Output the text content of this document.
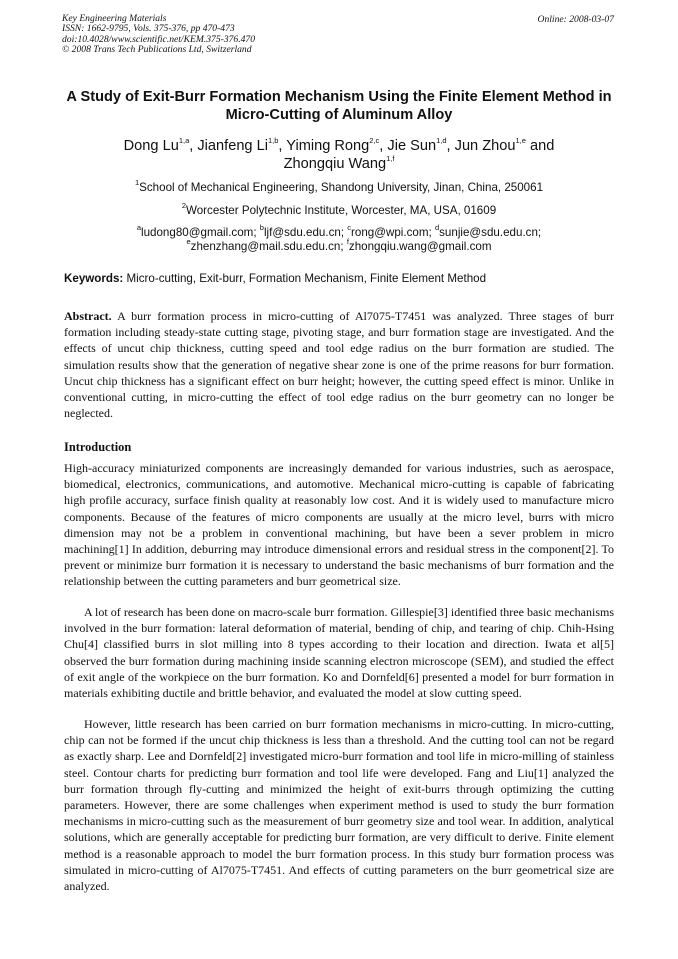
Key Engineering Materials
ISSN: 1662-9795, Vols. 375-376, pp 470-473
doi:10.4028/www.scientific.net/KEM.375-376.470
© 2008 Trans Tech Publications Ltd, Switzerland
Online: 2008-03-07
A Study of Exit-Burr Formation Mechanism Using the Finite Element Method in Micro-Cutting of Aluminum Alloy
Dong Lu$^{1,a}$, Jianfeng Li$^{1,b}$, Yiming Rong$^{2,c}$, Jie Sun$^{1,d}$, Jun Zhou$^{1,e}$ and
Zhongqiu Wang$^{1,f}$
$^1$School of Mechanical Engineering, Shandong University, Jinan, China, 250061
$^2$Worcester Polytechnic Institute, Worcester, MA, USA, 01609
$^a$ludong80@gmail.com; $^b$ljf@sdu.edu.cn; $^c$rong@wpi.com; $^d$sunjie@sdu.edu.cn;
$^e$zhenzhang@mail.sdu.edu.cn; $^f$zhongqiu.wang@gmail.com
Keywords: Micro-cutting, Exit-burr, Formation Mechanism, Finite Element Method

Abstract. A burr formation process in micro-cutting of Al7075-T7451 was analyzed. Three stages of burr formation including steady-state cutting stage, pivoting stage, and burr formation stage are investigated. And the effects of uncut chip thickness, cutting speed and tool edge radius on the burr formation are studied. The simulation results show that the generation of negative shear zone is one of the prime reasons for burr formation. Uncut chip thickness has a significant effect on burr height; however, the cutting speed effect is minor. Unlike in conventional cutting, in micro-cutting the effect of tool edge radius on the burr geometry can no longer be neglected.

Introduction

High-accuracy miniaturized components are increasingly demanded for various industries, such as aerospace, biomedical, electronics, communications, and automotive. Mechanical micro-cutting is capable of fabricating high profile accuracy, surface finish quality at reasonably low cost. And it is widely used to manufacture micro components. Because of the features of micro components are usually at the micro level, burrs with micro dimension may not be a problem in conventional machining, but have been a sever problem in micro machining[1] In addition, deburring may introduce dimensional errors and residual stress in the component[2]. To prevent or minimize burr formation it is necessary to understand the basic mechanisms of burr formation and the relationship between the cutting parameters and burr geometrical size.

A lot of research has been done on macro-scale burr formation. Gillespie[3] identified three basic mechanisms involved in the burr formation: lateral deformation of material, bending of chip, and tearing of chip. Chih-Hsing Chu[4] classified burrs in slot milling into 8 types according to their location and direction. Iwata et al[5] observed the burr formation during machining inside scanning electron microscope (SEM), and studied the effect of exit angle of the workpiece on the burr formation. Ko and Dornfeld[6] presented a model for burr formation in materials exhibiting ductile and brittle behavior, and evaluated the model at slow cutting speed.

However, little research has been carried on burr formation mechanisms in micro-cutting. In micro-cutting, chip can not be formed if the uncut chip thickness is less than a threshold. And the cutting tool can not be regard as exactly sharp. Lee and Dornfeld[2] investigated micro-burr formation and tool life in micro-milling of stainless steel. Contour charts for predicting burr formation and tool life were developed. Fang and Liu[1] analyzed the burr formation through fly-cutting and minimized the height of exit-burrs through optimizing the cutting parameters. However, there are some challenges when experiment method is used to study the burr formation mechanisms in micro-cutting such as the measurement of burr geometry size and tool wear. In addition, analytical solutions, which are generally acceptable for predicting burr formation, are very difficult to derive. Finite element method is a reasonable approach to model the burr formation process. In this study burr formation process was simulated in micro-cutting of Al7075-T7451. And effects of cutting parameters on the burr geometrical size are analyzed.
